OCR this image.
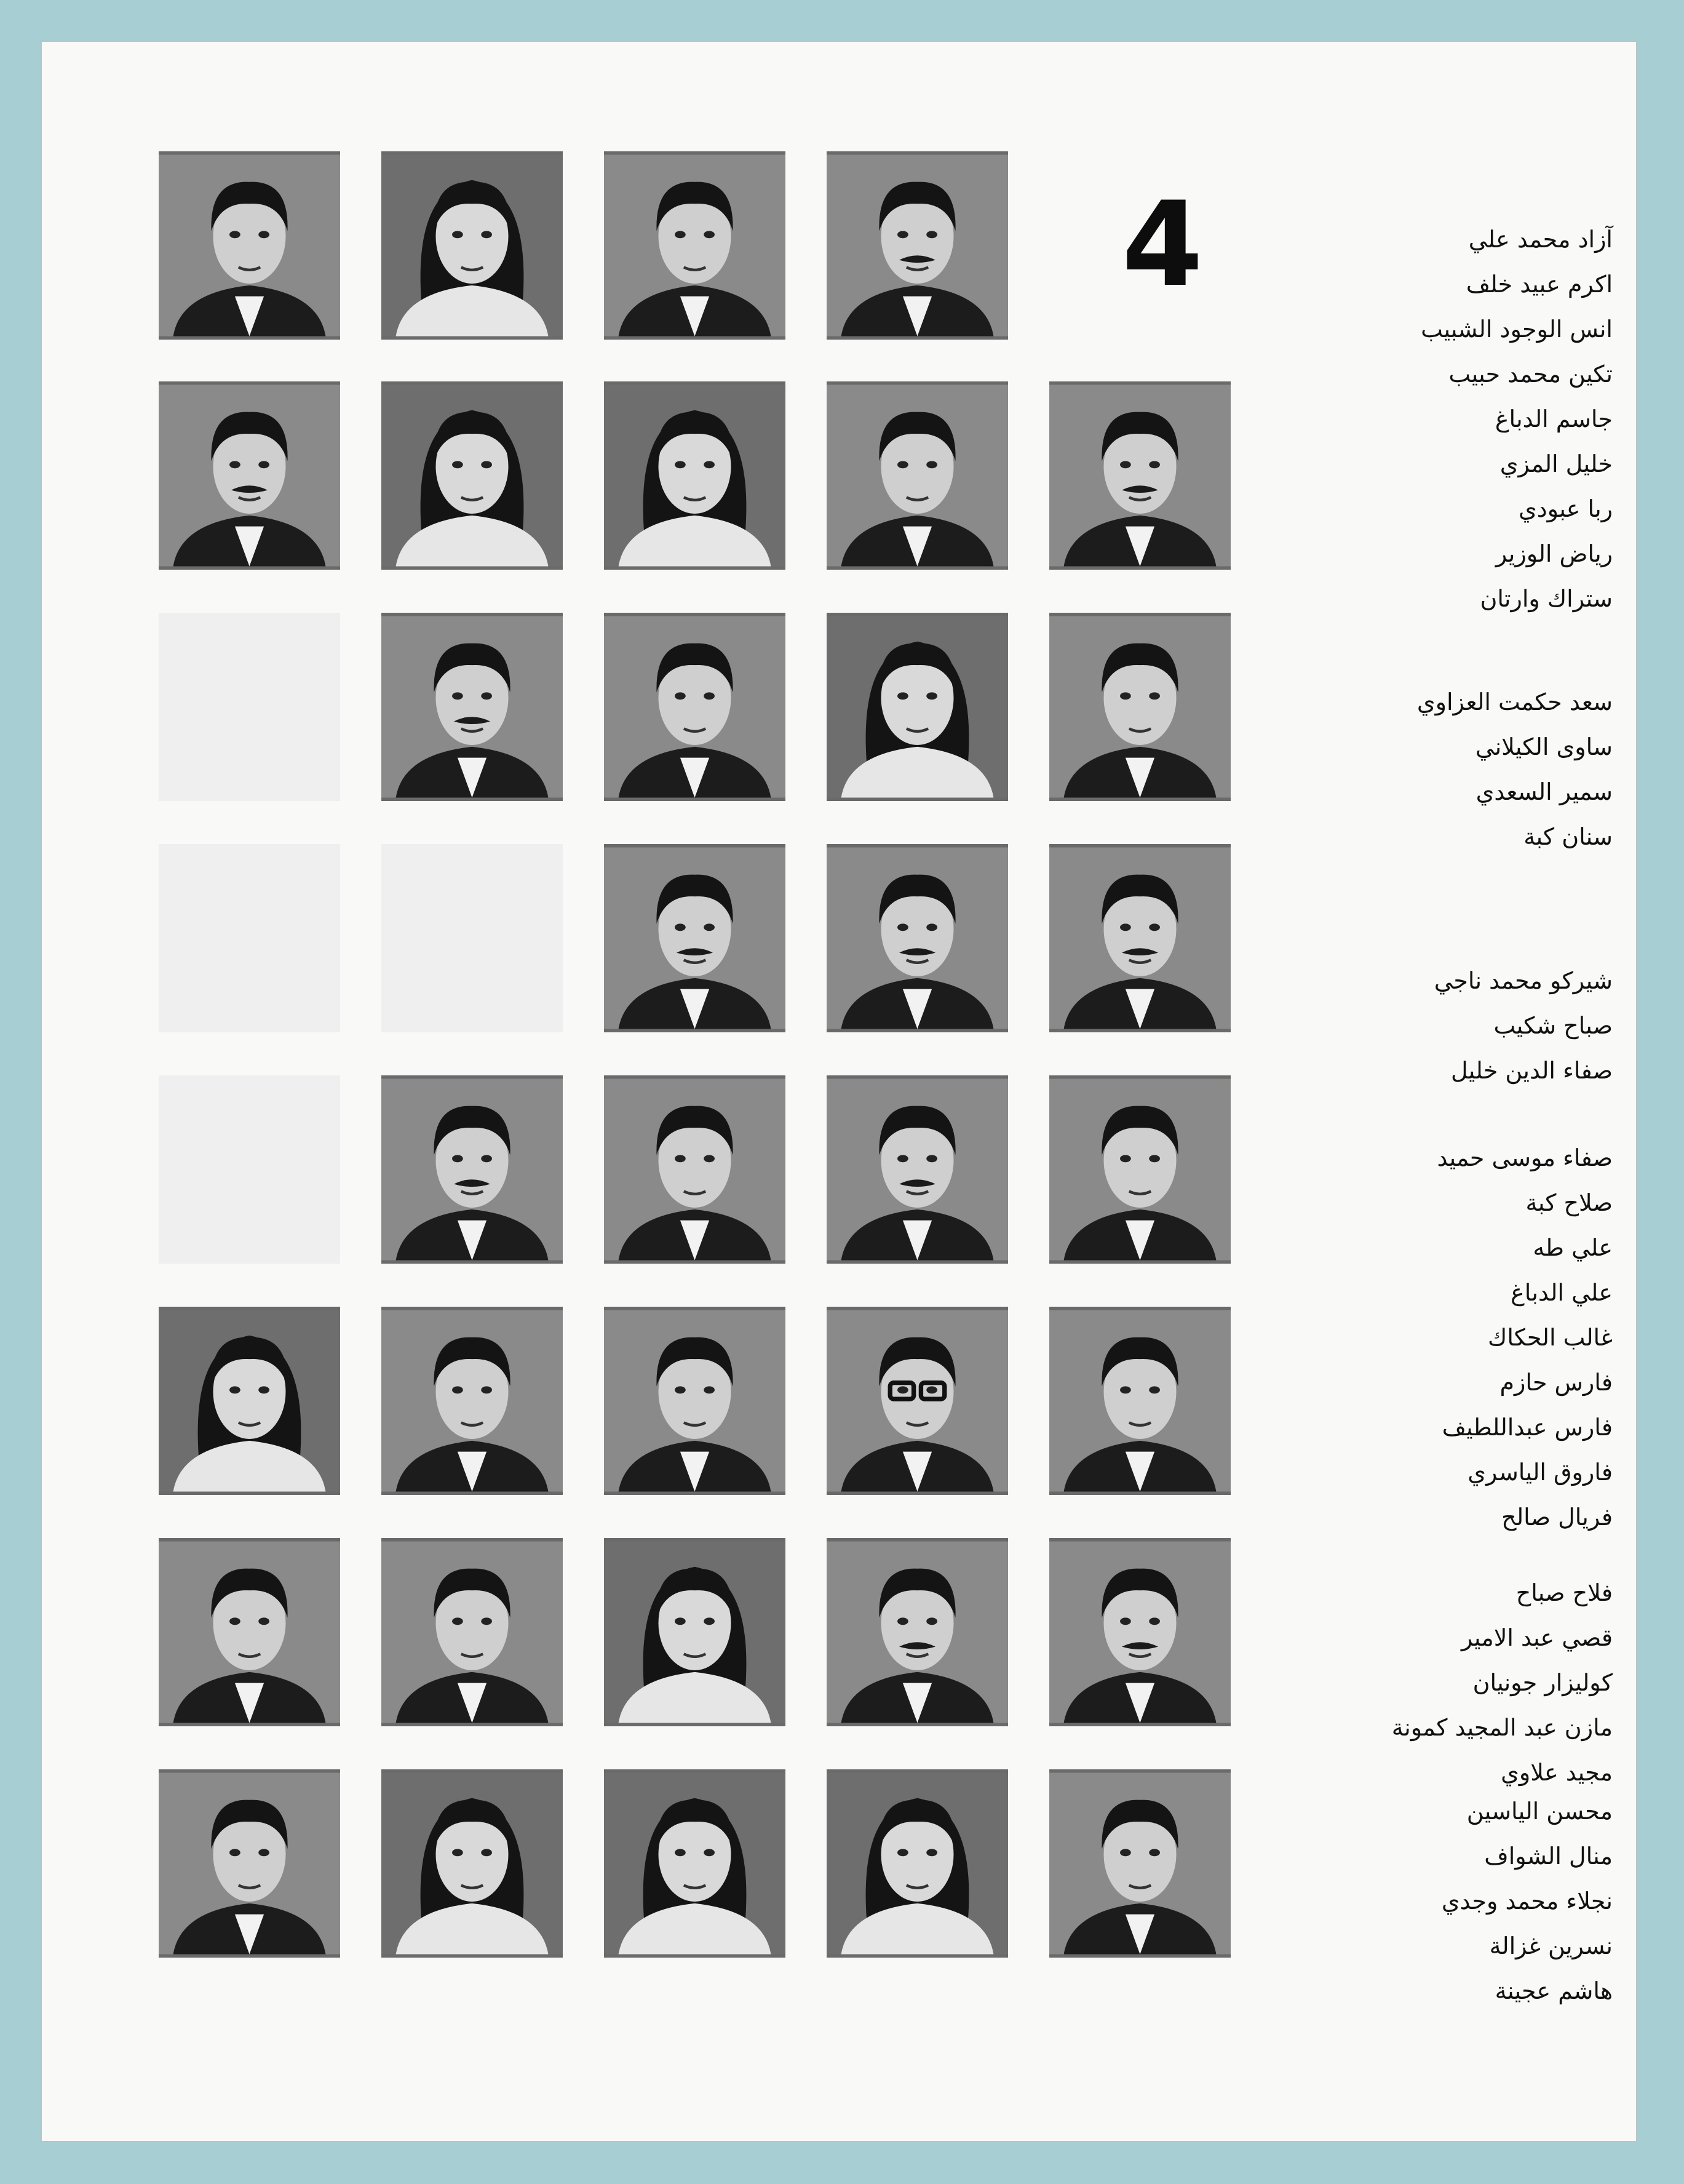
4	آزاد محمد علي
اكرم عبيد خلف
انس الوجود الشبيب
تكين محمد حبيب
جاسم الدباغ
خليل المزي
ربا عبودي
رياض الوزير
ستراك وارتان
سعد حكمت العزاوي
ساوى الكيلاني
سمير السعدي
سنان كبة
شيركو محمد ناجي
صباح شكيب
صفاء الدين خليل
صفاء موسى حميد
صلاح كبة
علي طه
علي الدباغ
غالب الحكاك
فارس حازم
فارس عبداللطيف
فاروق الياسري
فريال صالح
فلاح صباح
قصي عبد الامير
كوليزار جونيان
مازن عبد المجيد كمونة
مجيد علاوي
محسن الياسين
منال الشواف
نجلاء محمد وجدي
نسرين غزالة
هاشم عجينة
